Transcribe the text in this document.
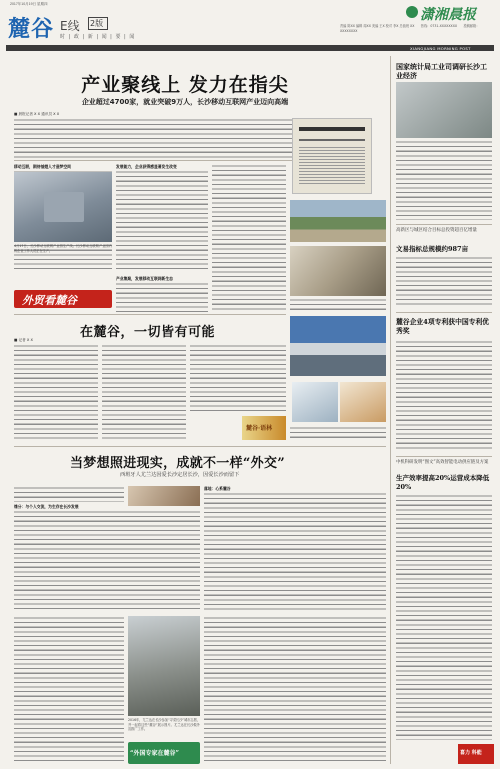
2017年10月19日 星期四
麓谷 E线 2版
时 | 政 | 新 | 闻 | 要 | 闻
潇湘晨报
责编 陈XX 编辑 周XX 美编 王X 校对 李X 总值班 XX　　热线：0731-XXXXXXXX　　投稿邮箱：XXXXXXXX
XIANGJIANG MORNING POST
产业聚线上 发力在指尖
企业超过4700家，就业突破9万人，长沙移动互联网产业迈向高端
■ 晨报记者 X X 通讯员 X X
移动互联，期待插翅人才造梦空间
4月17日，长沙移动互联网产业园生产线。长沙移动互联网产业园内的企业工作人员正在生产。
外贸看麓谷
发展能力，企业获得感显著发生改变
产业集聚，发展移动互联网新生态
在麓谷，一切皆有可能
■ 记者 X X
麓谷·语林
当梦想照进现实，成就不一样“外交”
西班牙人尤兰达因爱长沙定居长沙，因爱长沙而留下
缘分：与个人交流，为生存在长沙发展
落地：心系麓谷
2016年，尤兰达在长沙参加“寻觅长沙”城市志愿，并一起将这些“麓谷”展示图片。尤兰达在长沙做外宣推广工作。
“外国专家在麓谷”
国家统计局工业司调研长沙工业经济
高新区与城区结合目标总投资超百亿增量
文易指标总规模约987亩
麓谷企业4项专利获中国专利优秀奖
中机科研发明“图文”高效智能电动供应链及方案
生产效率提高20%运营成本降低20%
喜力 科能
